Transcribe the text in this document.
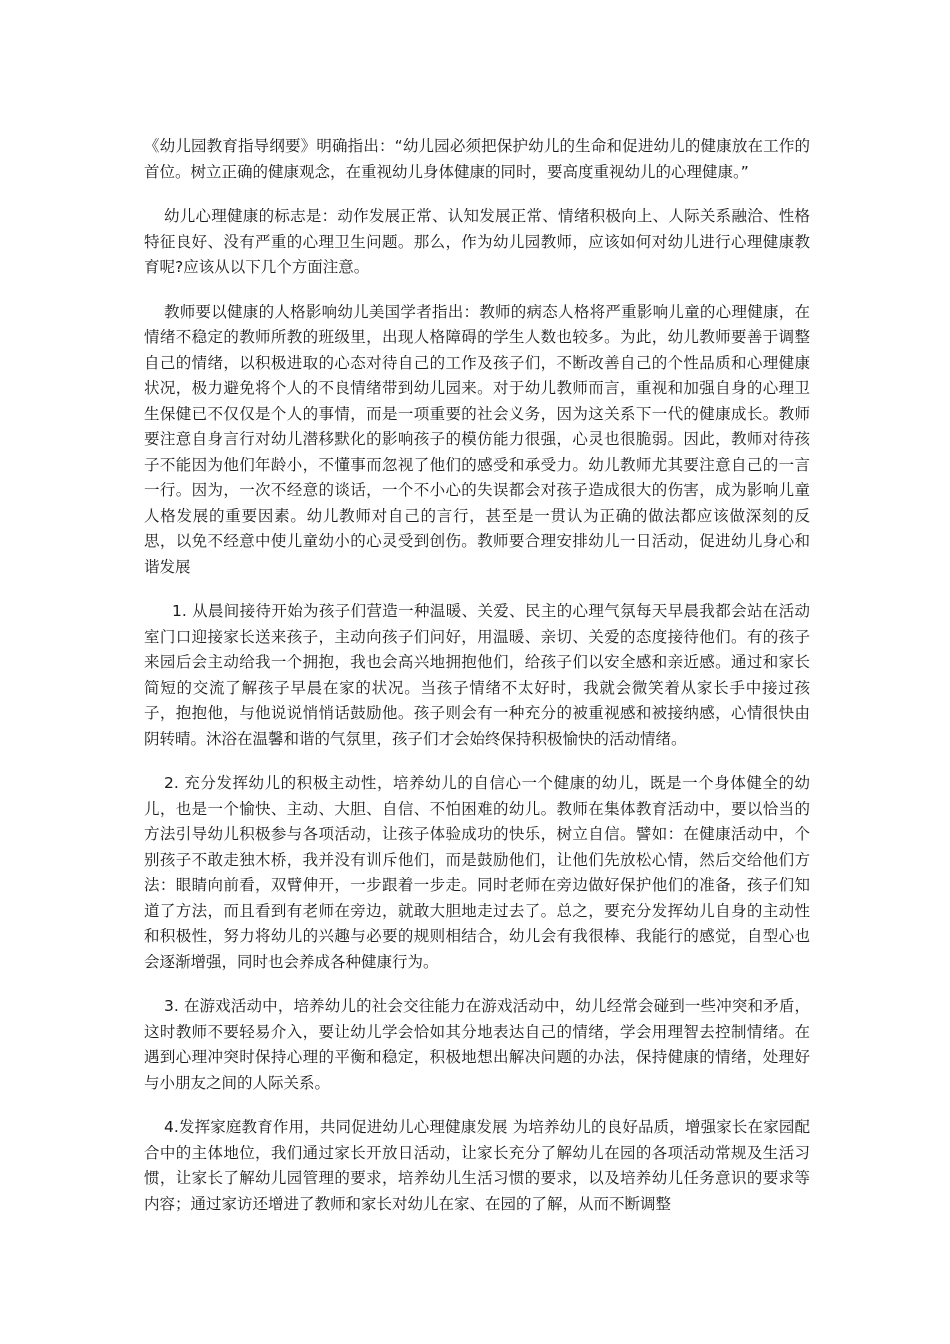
《幼儿园教育指导纲要》明确指出：“幼儿园必须把保护幼儿的生命和促进幼儿的健康放在工作的首位。树立正确的健康观念，在重视幼儿身体健康的同时，要高度重视幼儿的心理健康。”

幼儿心理健康的标志是：动作发展正常、认知发展正常、情绪积极向上、人际关系融洽、性格特征良好、没有严重的心理卫生问题。那么，作为幼儿园教师，应该如何对幼儿进行心理健康教育呢?应该从以下几个方面注意。

教师要以健康的人格影响幼儿美国学者指出：教师的病态人格将严重影响儿童的心理健康，在情绪不稳定的教师所教的班级里，出现人格障碍的学生人数也较多。为此，幼儿教师要善于调整自己的情绪，以积极进取的心态对待自己的工作及孩子们，不断改善自己的个性品质和心理健康状况，极力避免将个人的不良情绪带到幼儿园来。对于幼儿教师而言，重视和加强自身的心理卫生保健已不仅仅是个人的事情，而是一项重要的社会义务，因为这关系下一代的健康成长。教师要注意自身言行对幼儿潜移默化的影响孩子的模仿能力很强，心灵也很脆弱。因此，教师对待孩子不能因为他们年龄小，不懂事而忽视了他们的感受和承受力。幼儿教师尤其要注意自己的一言一行。因为，一次不经意的谈话，一个不小心的失误都会对孩子造成很大的伤害，成为影响儿童人格发展的重要因素。幼儿教师对自己的言行，甚至是一贯认为正确的做法都应该做深刻的反思，以免不经意中使儿童幼小的心灵受到创伤。教师要合理安排幼儿一日活动，促进幼儿身心和谐发展

1. 从晨间接待开始为孩子们营造一种温暖、关爱、民主的心理气氛每天早晨我都会站在活动室门口迎接家长送来孩子，主动向孩子们问好，用温暖、亲切、关爱的态度接待他们。有的孩子来园后会主动给我一个拥抱，我也会高兴地拥抱他们，给孩子们以安全感和亲近感。通过和家长简短的交流了解孩子早晨在家的状况。当孩子情绪不太好时，我就会微笑着从家长手中接过孩子，抱抱他，与他说说悄悄话鼓励他。孩子则会有一种充分的被重视感和被接纳感，心情很快由阴转晴。沐浴在温馨和谐的气氛里，孩子们才会始终保持积极愉快的活动情绪。

2. 充分发挥幼儿的积极主动性，培养幼儿的自信心一个健康的幼儿，既是一个身体健全的幼儿，也是一个愉快、主动、大胆、自信、不怕困难的幼儿。教师在集体教育活动中，要以恰当的方法引导幼儿积极参与各项活动，让孩子体验成功的快乐，树立自信。譬如：在健康活动中，个别孩子不敢走独木桥，我并没有训斥他们，而是鼓励他们，让他们先放松心情，然后交给他们方法：眼睛向前看，双臂伸开，一步跟着一步走。同时老师在旁边做好保护他们的准备，孩子们知道了方法，而且看到有老师在旁边，就敢大胆地走过去了。总之，要充分发挥幼儿自身的主动性和积极性，努力将幼儿的兴趣与必要的规则相结合，幼儿会有我很棒、我能行的感觉，自型心也会逐渐增强，同时也会养成各种健康行为。

3. 在游戏活动中，培养幼儿的社会交往能力在游戏活动中，幼儿经常会碰到一些冲突和矛盾，这时教师不要轻易介入，要让幼儿学会恰如其分地表达自己的情绪，学会用理智去控制情绪。在遇到心理冲突时保持心理的平衡和稳定，积极地想出解决问题的办法，保持健康的情绪，处理好与小朋友之间的人际关系。

4.发挥家庭教育作用，共同促进幼儿心理健康发展 为培养幼儿的良好品质，增强家长在家园配合中的主体地位，我们通过家长开放日活动，让家长充分了解幼儿在园的各项活动常规及生活习惯，让家长了解幼儿园管理的要求，培养幼儿生活习惯的要求，以及培养幼儿任务意识的要求等内容；通过家访还增进了教师和家长对幼儿在家、在园的了解，从而不断调整
